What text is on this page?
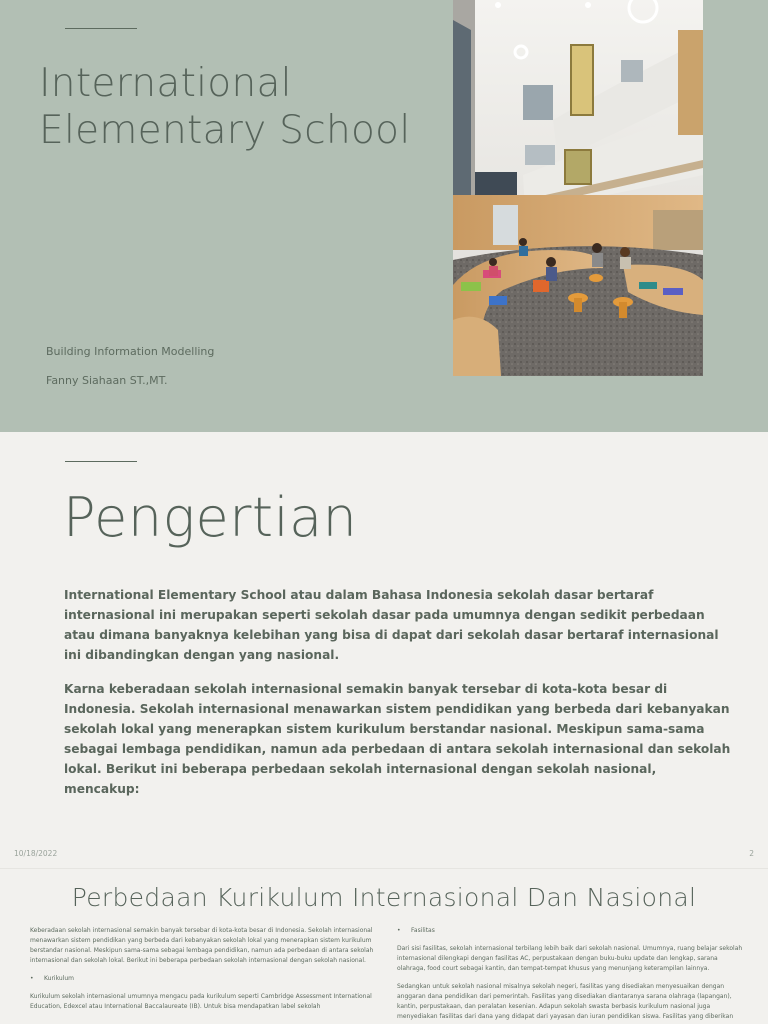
International
Elementary School
Building Information Modelling
Fanny Siahaan ST.,MT.
Pengertian

International Elementary School atau dalam Bahasa Indonesia sekolah dasar bertaraf internasional ini merupakan seperti sekolah dasar pada umumnya dengan sedikit perbedaan atau dimana banyaknya kelebihan yang bisa di dapat dari sekolah dasar bertaraf internasional ini dibandingkan dengan yang nasional.

Karna keberadaan sekolah internasional semakin banyak tersebar di kota-kota besar di Indonesia. Sekolah internasional menawarkan sistem pendidikan yang berbeda dari kebanyakan sekolah lokal yang menerapkan sistem kurikulum berstandar nasional. Meskipun sama-sama sebagai lembaga pendidikan, namun ada perbedaan di antara sekolah internasional dan sekolah lokal. Berikut ini beberapa perbedaan sekolah internasional dengan sekolah nasional, mencakup:

10/18/2022	2
Perbedaan Kurikulum Internasional Dan Nasional

Keberadaan sekolah internasional semakin banyak tersebar di kota-kota besar di Indonesia. Sekolah internasional menawarkan sistem pendidikan yang berbeda dari kebanyakan sekolah lokal yang menerapkan sistem kurikulum berstandar nasional. Meskipun sama-sama sebagai lembaga pendidikan, namun ada perbedaan di antara sekolah internasional dan sekolah lokal. Berikut ini beberapa perbedaan sekolah internasional dengan sekolah nasional.

• Kurikulum

Kurikulum sekolah internasional umumnya mengacu pada kurikulum seperti Cambridge Assessment International Education, Edexcel atau International Baccalaureate (IB). Untuk bisa mendapatkan label sekolah

• Fasilitas

Dari sisi fasilitas, sekolah internasional terbilang lebih baik dari sekolah nasional. Umumnya, ruang belajar sekolah internasional dilengkapi dengan fasilitas AC, perpustakaan dengan buku-buku update dan lengkap, sarana olahraga, food court sebagai kantin, dan tempat-tempat khusus yang menunjang keterampilan lainnya.

Sedangkan untuk sekolah nasional misalnya sekolah negeri, fasilitas yang disediakan menyesuaikan dengan anggaran dana pendidikan dari pemerintah. Fasilitas yang disediakan diantaranya sarana olahraga (lapangan), kantin, perpustakaan, dan peralatan kesenian. Adapun sekolah swasta berbasis kurikulum nasional juga menyediakan fasilitas dari dana yang didapat dari yayasan dan iuran pendidikan siswa. Fasilitas yang diberikan
